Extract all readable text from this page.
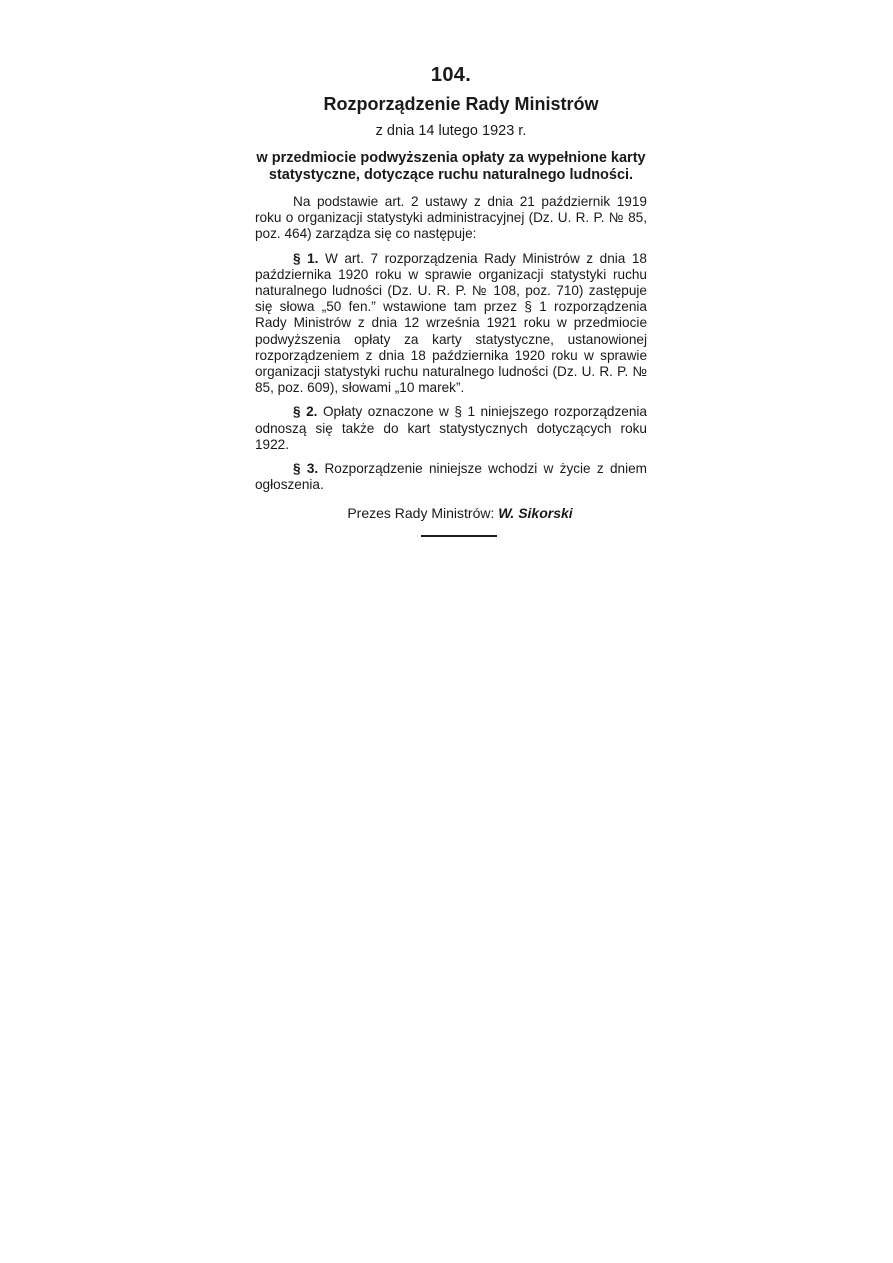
104.
Rozporządzenie Rady Ministrów
z dnia 14 lutego 1923 r.
w przedmiocie podwyższenia opłaty za wypełnione karty statystyczne, dotyczące ruchu naturalnego ludności.

Na podstawie art. 2 ustawy z dnia 21 październik 1919 roku o organizacji statystyki administracyjnej (Dz. U. R. P. № 85, poz. 464) zarządza się co następuje:

§ 1. W art. 7 rozporządzenia Rady Ministrów z dnia 18 października 1920 roku w sprawie organizacji statystyki ruchu naturalnego ludności (Dz. U. R. P. № 108, poz. 710) zastępuje się słowa „50 fen.” wstawione tam przez § 1 rozporządzenia Rady Ministrów z dnia 12 września 1921 roku w przedmiocie podwyższenia opłaty za karty statystyczne, ustanowionej rozporządzeniem z dnia 18 października 1920 roku w sprawie organizacji statystyki ruchu naturalnego ludności (Dz. U. R. P. № 85, poz. 609), słowami „10 marek”.

§ 2. Opłaty oznaczone w § 1 niniejszego rozporządzenia odnoszą się także do kart statystycznych dotyczących roku 1922.

§ 3. Rozporządzenie niniejsze wchodzi w życie z dniem ogłoszenia.

Prezes Rady Ministrów: W. Sikorski
